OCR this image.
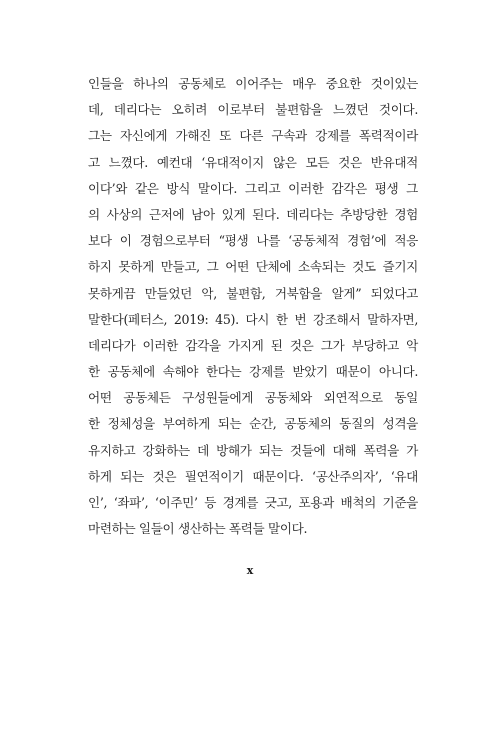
인들을 하나의 공동체로 이어주는 매우 중요한 것이있는
데, 데리다는 오히려 이로부터 불편함을 느꼈던 것이다.
그는 자신에게 가해진 또 다른 구속과 강제를 폭력적이라
고 느꼈다. 예컨대 ‘유대적이지 않은 모든 것은 반유대적
이다’와 같은 방식 말이다. 그리고 이러한 감각은 평생 그
의 사상의 근저에 남아 있게 된다. 데리다는 추방당한 경험
보다 이 경험으로부터 “평생 나를 ‘공동체적 경험’에 적응
하지 못하게 만들고, 그 어떤 단체에 소속되는 것도 즐기지
못하게끔 만들었던 악, 불편함, 거북함을 알게” 되었다고
말한다(페터스, 2019: 45). 다시 한 번 강조해서 말하자면,
데리다가 이러한 감각을 가지게 된 것은 그가 부당하고 악
한 공동체에 속해야 한다는 강제를 받았기 때문이 아니다.
어떤 공동체든 구성원들에게 공동체와 외연적으로 동일
한 정체성을 부여하게 되는 순간, 공동체의 동질의 성격을
유지하고 강화하는 데 방해가 되는 것들에 대해 폭력을 가
하게 되는 것은 필연적이기 때문이다. ‘공산주의자’, ‘유대
인’, ‘좌파’, ‘이주민’ 등 경계를 긋고, 포용과 배척의 기준을
마련하는 일들이 생산하는 폭력들 말이다.
x
